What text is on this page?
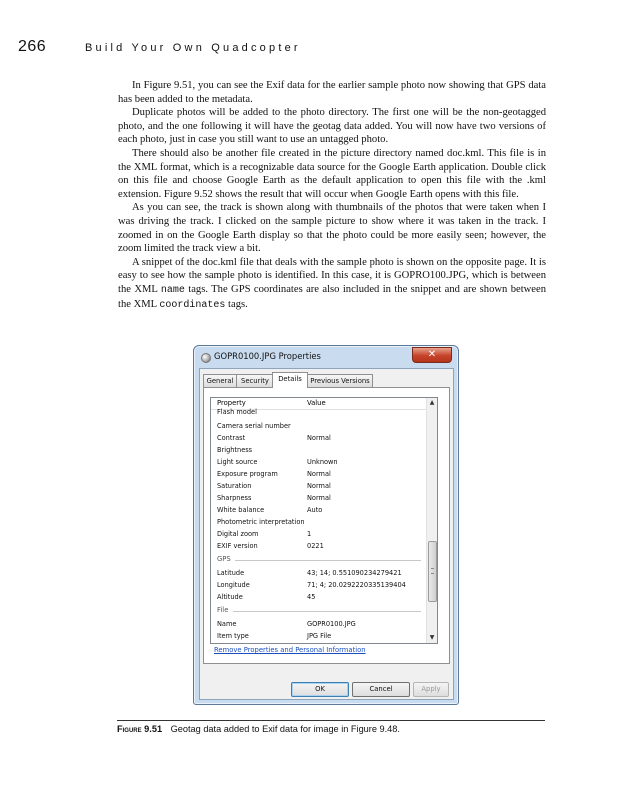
266	Build Your Own Quadcopter

In Figure 9.51, you can see the Exif data for the earlier sample photo now showing that GPS data has been added to the metadata.

Duplicate photos will be added to the photo directory. The first one will be the non-geotagged photo, and the one following it will have the geotag data added. You will now have two versions of each photo, just in case you still want to use an untagged photo.

There should also be another file created in the picture directory named doc.kml. This file is in the XML format, which is a recognizable data source for the Google Earth application. Double click on this file and choose Google Earth as the default application to open this file with the .kml extension. Figure 9.52 shows the result that will occur when Google Earth opens with this file.

As you can see, the track is shown along with thumbnails of the photos that were taken when I was driving the track. I clicked on the sample picture to show where it was taken in the track. I zoomed in on the Google Earth display so that the photo could be more easily seen; however, the zoom limited the track view a bit.

A snippet of the doc.kml file that deals with the sample photo is shown on the opposite page. It is easy to see how the sample photo is identified. In this case, it is GOPRO100.JPG, which is between the XML name tags. The GPS coordinates are also included in the snippet and are shown between the XML coordinates tags.

GOPR0100.JPG Properties	✕
General	Security	Details	Previous Versions
Property	Value
Flash model
Camera serial number
Contrast	Normal
Brightness
Light source	Unknown
Exposure program	Normal
Saturation	Normal
Sharpness	Normal
White balance	Auto
Photometric interpretation
Digital zoom	1
EXIF version	0221
GPS
Latitude	43; 14; 0.551090234279421
Longitude	71; 4; 20.0292220335139404
Altitude	45
File
Name	GOPR0100.JPG
Item type	JPG File
▲
▼
Remove Properties and Personal Information
OK	Cancel	Apply
Figure 9.51 Geotag data added to Exif data for image in Figure 9.48.
